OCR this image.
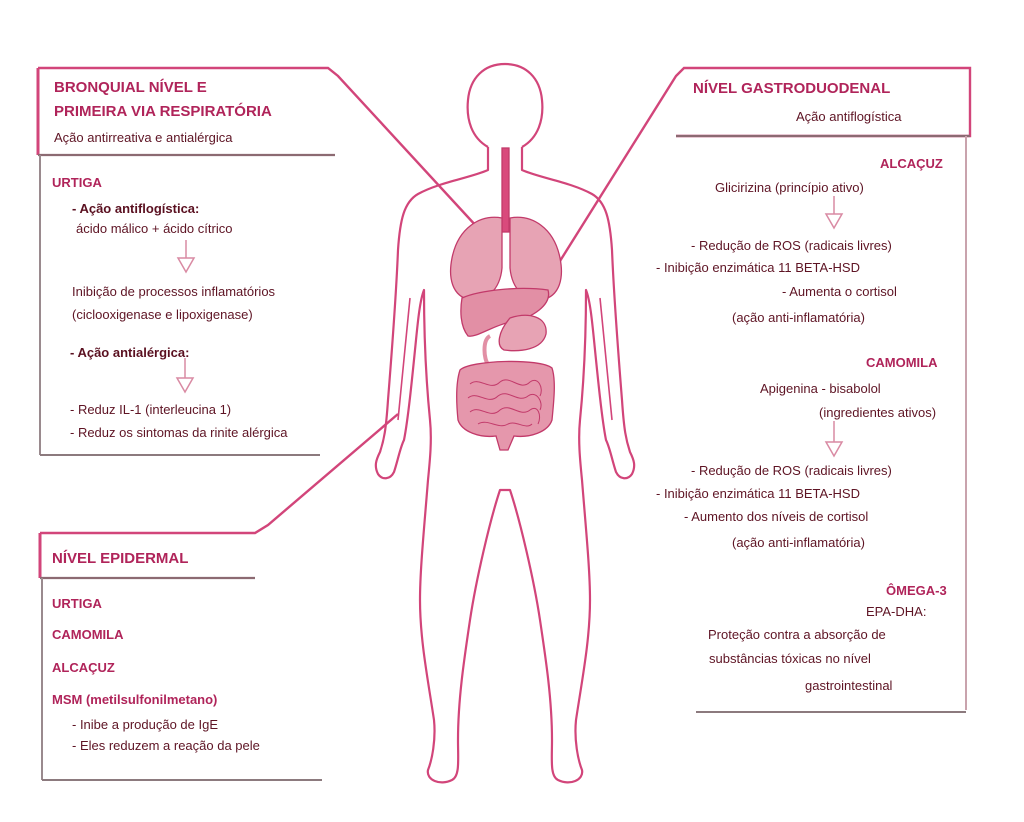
BRONQUIAL NÍVEL E
PRIMEIRA VIA RESPIRATÓRIA
Ação antirreativa e antialérgica
URTIGA
- Ação antiflogística:
ácido málico + ácido cítrico
Inibição de processos inflamatórios
(ciclooxigenase e lipoxigenase)
- Ação antialérgica:
- Reduz IL-1 (interleucina 1)
- Reduz os sintomas da rinite alérgica
NÍVEL EPIDERMAL
URTIGA
CAMOMILA
ALCAÇUZ
MSM (metilsulfonilmetano)
- Inibe a produção de IgE
- Eles reduzem a reação da pele
NÍVEL GASTRODUODENAL
Ação antiflogística
ALCAÇUZ
Glicirizina (princípio ativo)
- Redução de ROS (radicais livres)
- Inibição enzimática 11 BETA-HSD
- Aumenta o cortisol
(ação anti-inflamatória)
CAMOMILA
Apigenina - bisabolol
(ingredientes ativos)
- Redução de ROS (radicais livres)
- Inibição enzimática 11 BETA-HSD
- Aumento dos níveis de cortisol
(ação anti-inflamatória)
ÔMEGA-3
EPA-DHA:
Proteção contra a absorção de
substâncias tóxicas no nível
gastrointestinal
